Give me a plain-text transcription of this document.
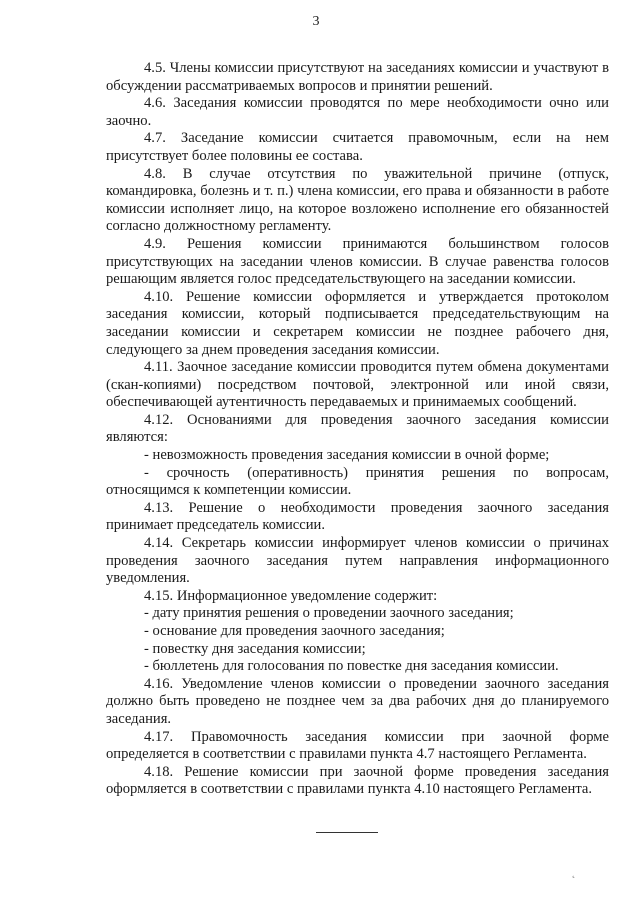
3

4.5. Члены комиссии присутствуют на заседаниях комиссии и участвуют в обсуждении рассматриваемых вопросов и принятии решений.

4.6. Заседания комиссии проводятся по мере необходимости очно или заочно.

4.7. Заседание комиссии считается правомочным, если на нем присутствует более половины ее состава.

4.8. В случае отсутствия по уважительной причине (отпуск, командировка, болезнь и т. п.) члена комиссии, его права и обязанности в работе комиссии исполняет лицо, на которое возложено исполнение его обязанностей согласно должностному регламенту.

4.9. Решения комиссии принимаются большинством голосов присутствующих на заседании членов комиссии. В случае равенства голосов решающим является голос председательствующего на заседании комиссии.

4.10. Решение комиссии оформляется и утверждается протоколом заседания комиссии, который подписывается председательствующим на заседании комиссии и секретарем комиссии не позднее рабочего дня, следующего за днем проведения заседания комиссии.

4.11. Заочное заседание комиссии проводится путем обмена документами (скан-копиями) посредством почтовой, электронной или иной связи, обеспечивающей аутентичность передаваемых и принимаемых сообщений.

4.12. Основаниями для проведения заочного заседания комиссии являются:

- невозможность проведения заседания комиссии в очной форме;

- срочность (оперативность) принятия решения по вопросам, относящимся к компетенции комиссии.

4.13. Решение о необходимости проведения заочного заседания принимает председатель комиссии.

4.14. Секретарь комиссии информирует членов комиссии о причинах проведения заочного заседания путем направления информационного уведомления.

4.15. Информационное уведомление содержит:

- дату принятия решения о проведении заочного заседания;

- основание для проведения заочного заседания;

- повестку дня заседания комиссии;

- бюллетень для голосования по повестке дня заседания комиссии.

4.16. Уведомление членов комиссии о проведении заочного заседания должно быть проведено не позднее чем за два рабочих дня до планируемого заседания.

4.17. Правомочность заседания комиссии при заочной форме определяется в соответствии с правилами пункта 4.7 настоящего Регламента.

4.18. Решение комиссии при заочной форме проведения заседания оформляется в соответствии с правилами пункта 4.10 настоящего Регламента.

˛
